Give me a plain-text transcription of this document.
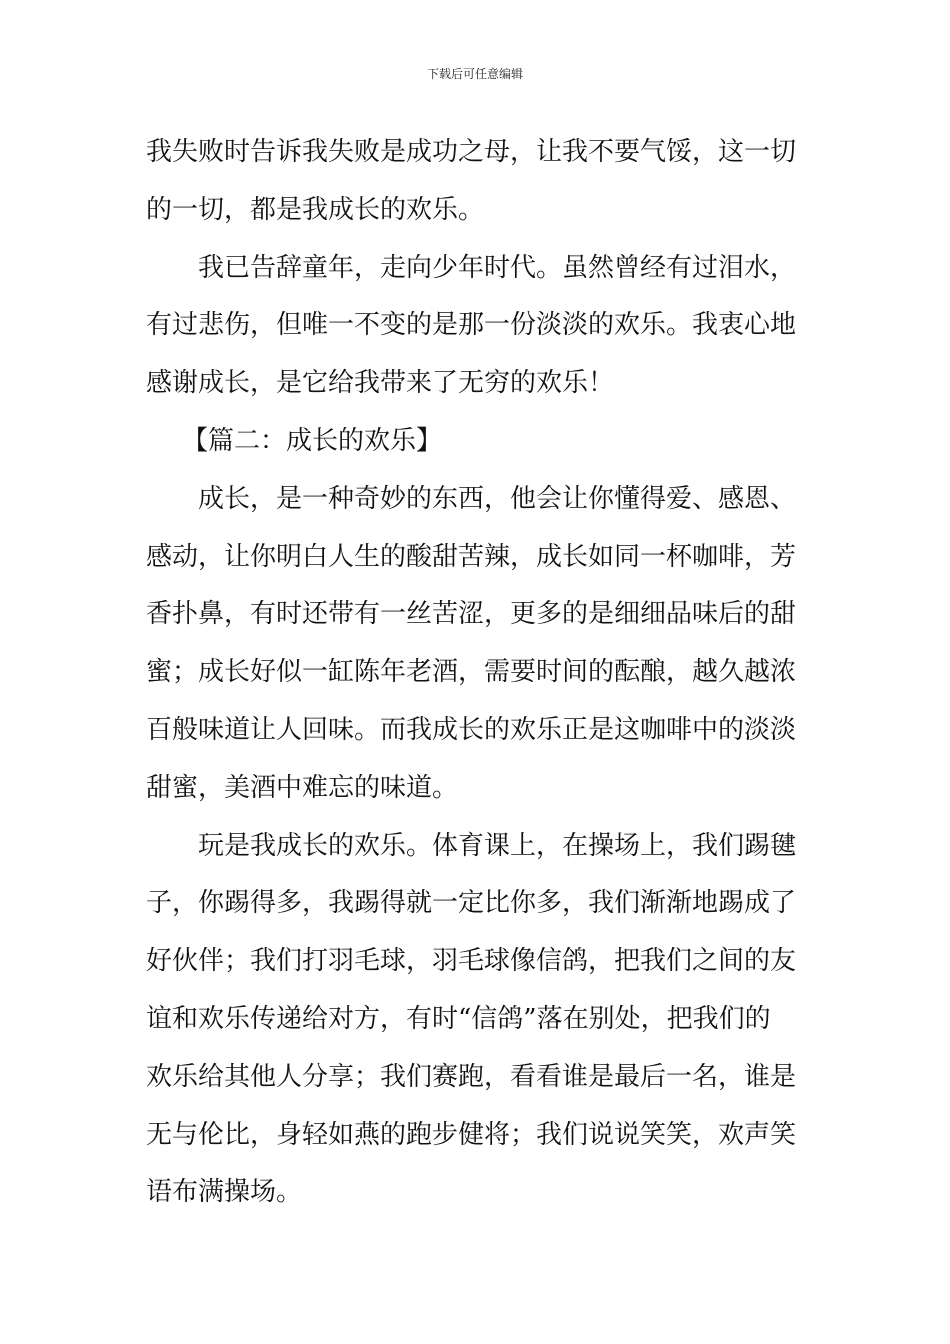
下载后可任意编辑
我失败时告诉我失败是成功之母，让我不要气馁，这一切
的一切，都是我成长的欢乐。
我已告辞童年，走向少年时代。虽然曾经有过泪水，
有过悲伤，但唯一不变的是那一份淡淡的欢乐。我衷心地
感谢成长，是它给我带来了无穷的欢乐！
【篇二：成长的欢乐】
成长，是一种奇妙的东西，他会让你懂得爱、感恩、
感动，让你明白人生的酸甜苦辣，成长如同一杯咖啡，芳
香扑鼻，有时还带有一丝苦涩，更多的是细细品味后的甜
蜜；成长好似一缸陈年老酒，需要时间的酝酿，越久越浓
百般味道让人回味。而我成长的欢乐正是这咖啡中的淡淡
甜蜜，美酒中难忘的味道。
玩是我成长的欢乐。体育课上，在操场上，我们踢毽
子，你踢得多，我踢得就一定比你多，我们渐渐地踢成了
好伙伴；我们打羽毛球，羽毛球像信鸽，把我们之间的友
谊和欢乐传递给对方，有时“信鸽”落在别处，把我们的
欢乐给其他人分享；我们赛跑，看看谁是最后一名，谁是
无与伦比，身轻如燕的跑步健将；我们说说笑笑，欢声笑
语布满操场。
